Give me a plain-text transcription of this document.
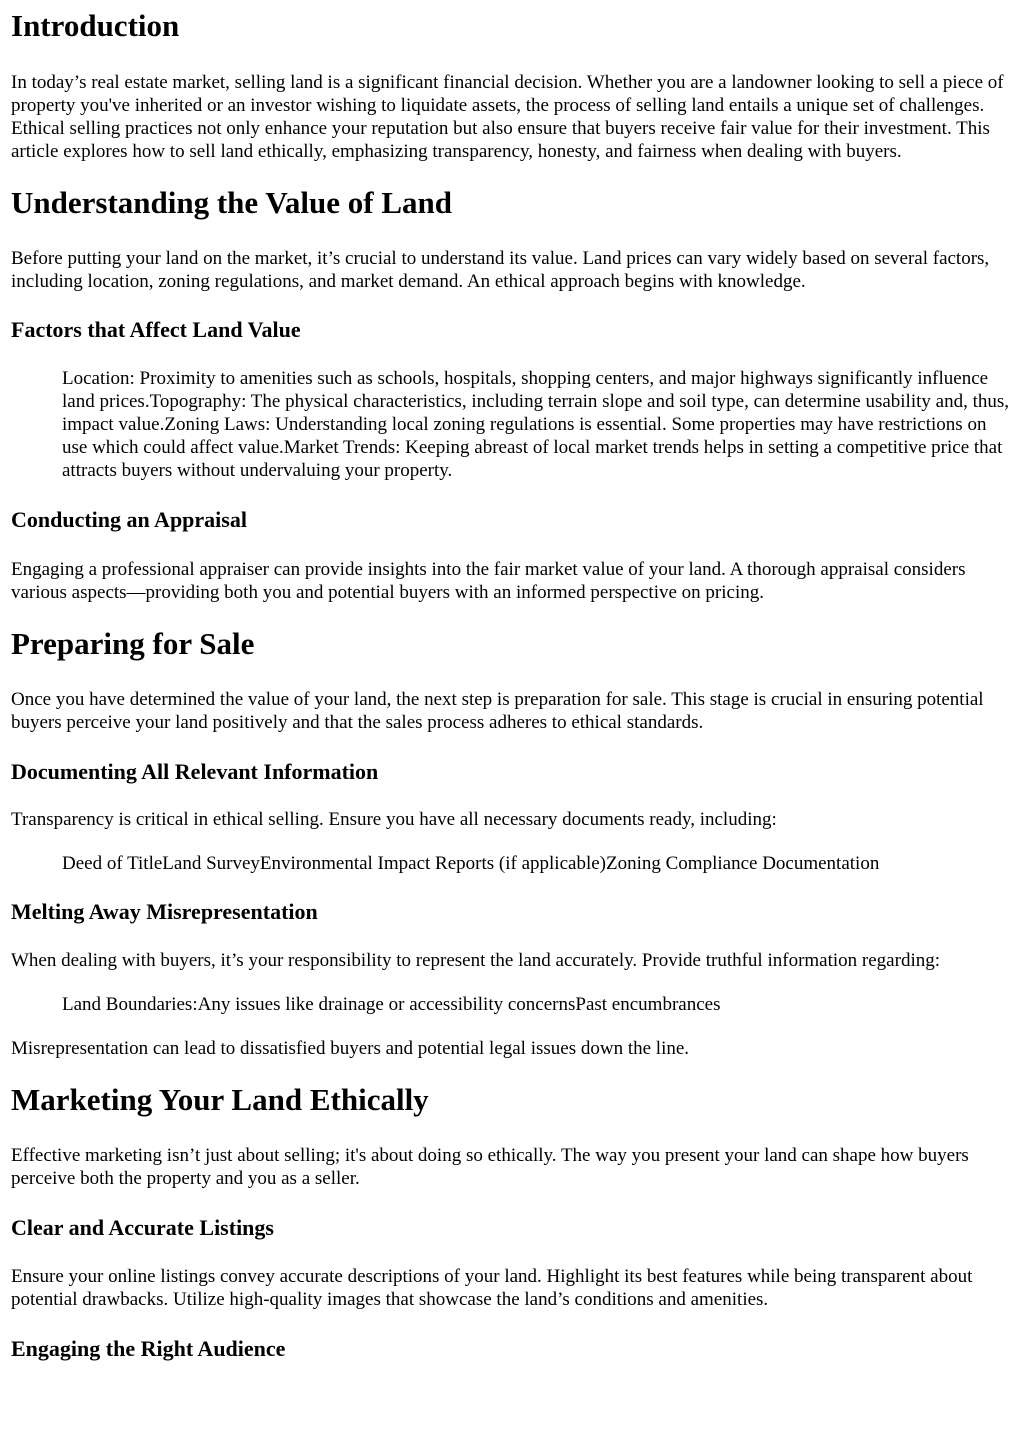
Introduction

In today’s real estate market, selling land is a significant financial decision. Whether you are a landowner looking to sell a piece of property you've inherited or an investor wishing to liquidate assets, the process of selling land entails a unique set of challenges. Ethical selling practices not only enhance your reputation but also ensure that buyers receive fair value for their investment. This article explores how to sell land ethically, emphasizing transparency, honesty, and fairness when dealing with buyers.

Understanding the Value of Land

Before putting your land on the market, it’s crucial to understand its value. Land prices can vary widely based on several factors, including location, zoning regulations, and market demand. An ethical approach begins with knowledge.

Factors that Affect Land Value
Location: Proximity to amenities such as schools, hospitals, shopping centers, and major highways significantly influence land prices.Topography: The physical characteristics, including terrain slope and soil type, can determine usability and, thus, impact value.Zoning Laws: Understanding local zoning regulations is essential. Some properties may have restrictions on use which could affect value.Market Trends: Keeping abreast of local market trends helps in setting a competitive price that attracts buyers without undervaluing your property.
Conducting an Appraisal

Engaging a professional appraiser can provide insights into the fair market value of your land. A thorough appraisal considers various aspects—providing both you and potential buyers with an informed perspective on pricing.

Preparing for Sale

Once you have determined the value of your land, the next step is preparation for sale. This stage is crucial in ensuring potential buyers perceive your land positively and that the sales process adheres to ethical standards.

Documenting All Relevant Information

Transparency is critical in ethical selling. Ensure you have all necessary documents ready, including:

Deed of TitleLand SurveyEnvironmental Impact Reports (if applicable)Zoning Compliance Documentation
Melting Away Misrepresentation

When dealing with buyers, it’s your responsibility to represent the land accurately. Provide truthful information regarding:

Land Boundaries:Any issues like drainage or accessibility concernsPast encumbrances

Misrepresentation can lead to dissatisfied buyers and potential legal issues down the line.

Marketing Your Land Ethically

Effective marketing isn’t just about selling; it's about doing so ethically. The way you present your land can shape how buyers perceive both the property and you as a seller.

Clear and Accurate Listings

Ensure your online listings convey accurate descriptions of your land. Highlight its best features while being transparent about potential drawbacks. Utilize high-quality images that showcase the land’s conditions and amenities.

Engaging the Right Audience
